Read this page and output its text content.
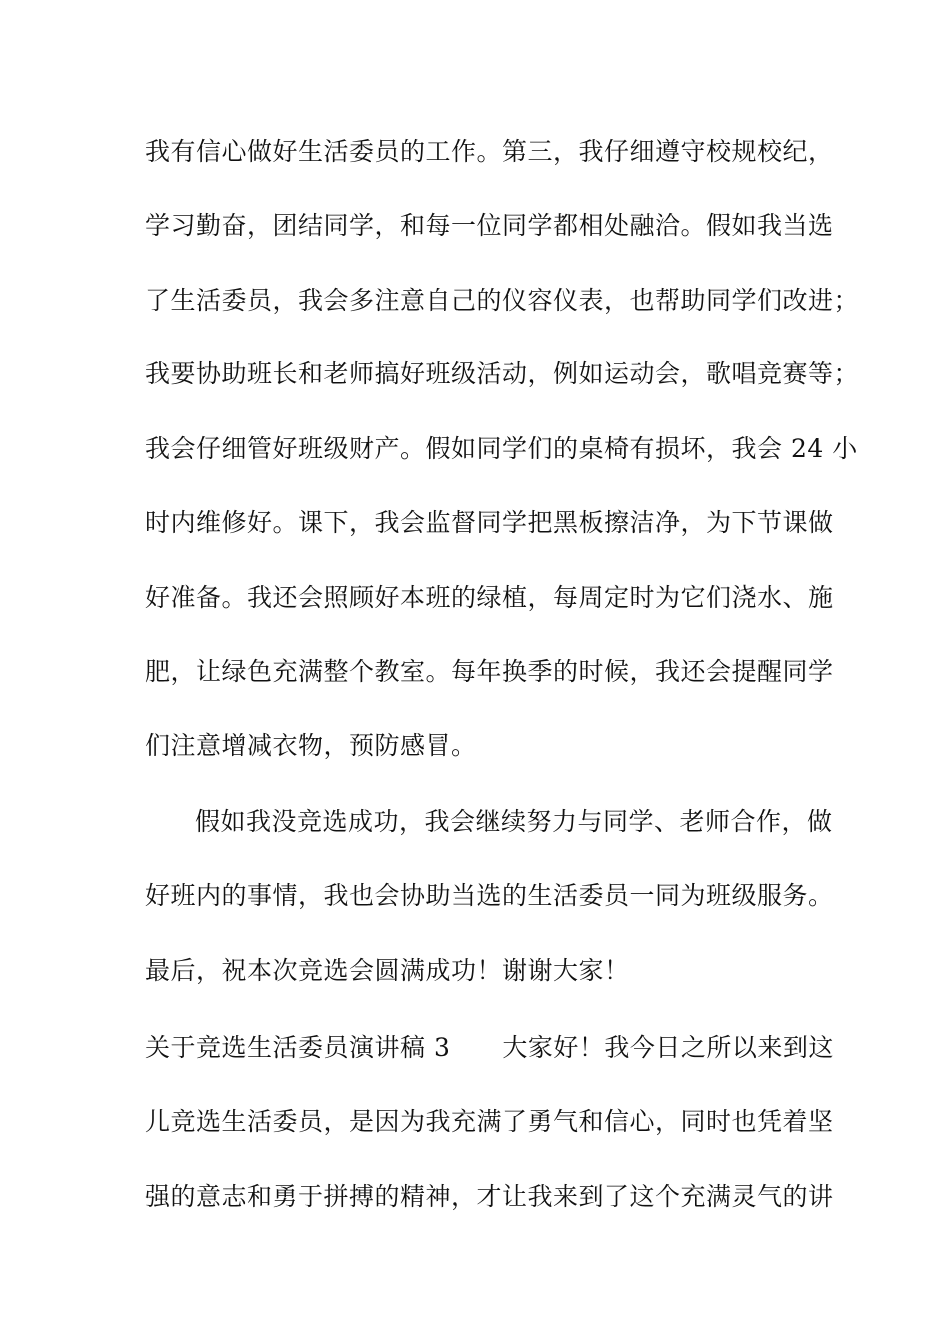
我有信心做好生活委员的工作。第三，我仔细遵守校规校纪，
学习勤奋，团结同学，和每一位同学都相处融洽。假如我当选
了生活委员，我会多注意自己的仪容仪表，也帮助同学们改进；
我要协助班长和老师搞好班级活动，例如运动会，歌唱竞赛等；
我会仔细管好班级财产。假如同学们的桌椅有损坏，我会 24 小
时内维修好。课下，我会监督同学把黑板擦洁净，为下节课做
好准备。我还会照顾好本班的绿植，每周定时为它们浇水、施
肥，让绿色充满整个教室。每年换季的时候，我还会提醒同学
们注意增减衣物，预防感冒。
假如我没竞选成功，我会继续努力与同学、老师合作，做
好班内的事情，我也会协助当选的生活委员一同为班级服务。
最后，祝本次竞选会圆满成功！谢谢大家！
关于竞选生活委员演讲稿 3 大家好！我今日之所以来到这
儿竞选生活委员，是因为我充满了勇气和信心，同时也凭着坚
强的意志和勇于拼搏的精神，才让我来到了这个充满灵气的讲
